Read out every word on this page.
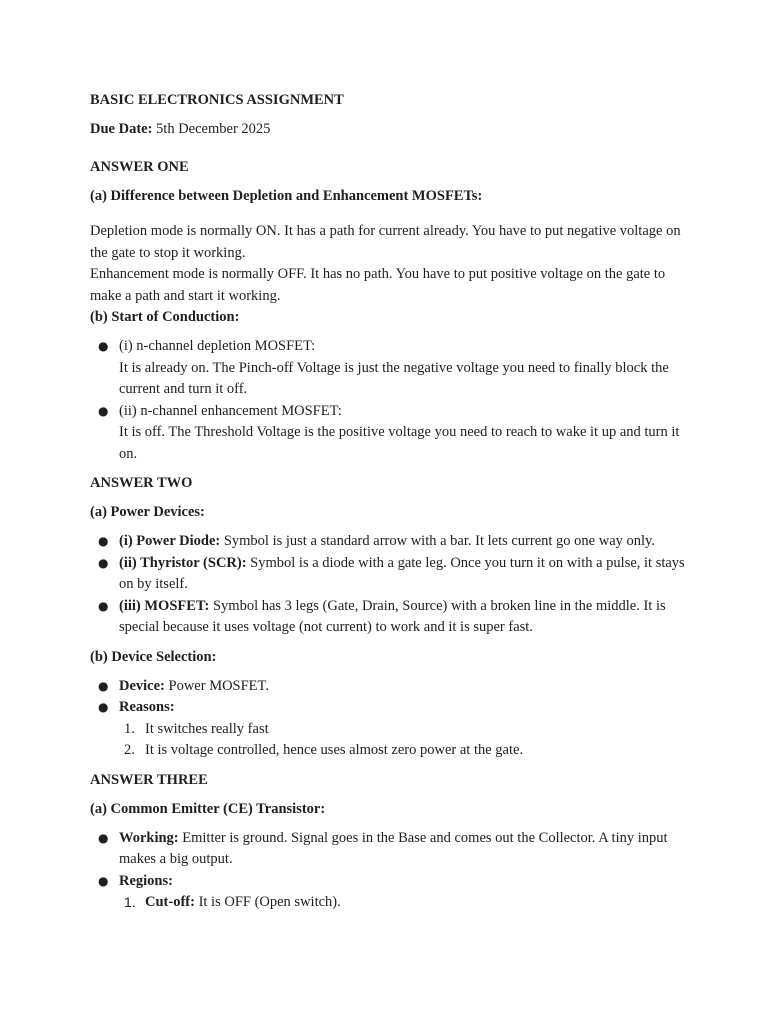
BASIC ELECTRONICS ASSIGNMENT
Due Date: 5th December 2025
ANSWER ONE
(a) Difference between Depletion and Enhancement MOSFETs:

Depletion mode is normally ON. It has a path for current already. You have to put negative voltage on the gate to stop it working.

Enhancement mode is normally OFF. It has no path. You have to put positive voltage on the gate to make a path and start it working.

(b) Start of Conduction:
● (i) n-channel depletion MOSFET:
It is already on. The Pinch-off Voltage is just the negative voltage you need to finally block the current and turn it off.
● (ii) n-channel enhancement MOSFET:
It is off. The Threshold Voltage is the positive voltage you need to reach to wake it up and turn it on.
ANSWER TWO
(a) Power Devices:
● (i) Power Diode: Symbol is just a standard arrow with a bar. It lets current go one way only.
● (ii) Thyristor (SCR): Symbol is a diode with a gate leg. Once you turn it on with a pulse, it stays on by itself.
● (iii) MOSFET: Symbol has 3 legs (Gate, Drain, Source) with a broken line in the middle. It is special because it uses voltage (not current) to work and it is super fast.
(b) Device Selection:
● Device: Power MOSFET.
● Reasons:
1. It switches really fast
2. It is voltage controlled, hence uses almost zero power at the gate.
ANSWER THREE
(a) Common Emitter (CE) Transistor:
● Working: Emitter is ground. Signal goes in the Base and comes out the Collector. A tiny input makes a big output.
● Regions:
1. Cut-off: It is OFF (Open switch).
